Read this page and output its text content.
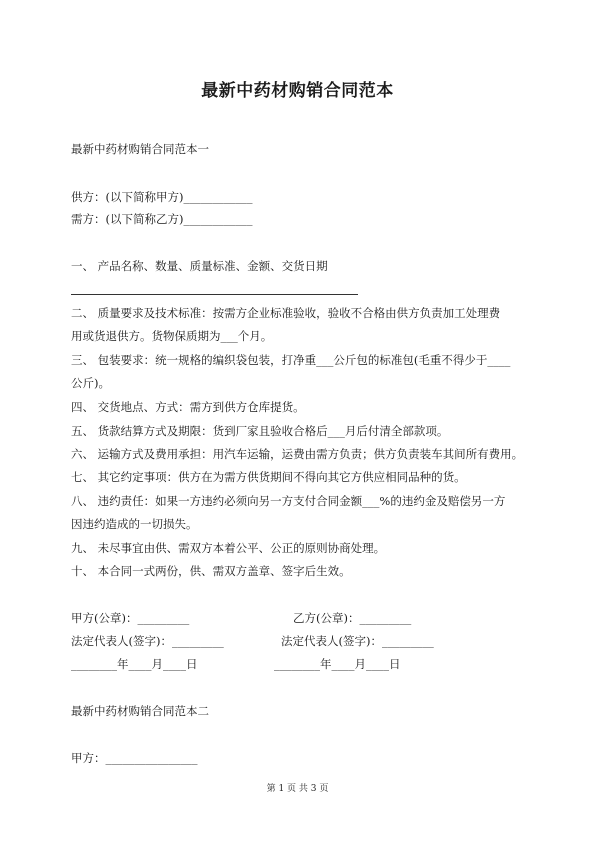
最新中药材购销合同范本
最新中药材购销合同范本一
供方：(以下简称甲方)____________
需方：(以下简称乙方)____________
一、 产品名称、数量、质量标准、金额、交货日期
二、 质量要求及技术标准：按需方企业标准验收，验收不合格由供方负责加工处理费
用或货退供方。货物保质期为___个月。
三、 包装要求：统一规格的编织袋包装，打净重___公斤包的标准包(毛重不得少于____
公斤)。
四、 交货地点、方式：需方到供方仓库提货。
五、 货款结算方式及期限：货到厂家且验收合格后___月后付清全部款项。
六、 运输方式及费用承担：用汽车运输，运费由需方负责；供方负责装车其间所有费用。
七、 其它约定事项：供方在为需方供货期间不得向其它方供应相同品种的货。
八、 违约责任：如果一方违约必须向另一方支付合同金额___%的违约金及赔偿另一方
因违约造成的一切损失。
九、 未尽事宜由供、需双方本着公平、公正的原则协商处理。
十、 本合同一式两份，供、需双方盖章、签字后生效。
甲方(公章)：_________	乙方(公章)：_________
法定代表人(签字)：_________	法定代表人(签字)：_________
________年____月____日	________年____月____日
最新中药材购销合同范本二
甲方：________________
第 1 页 共 3 页
